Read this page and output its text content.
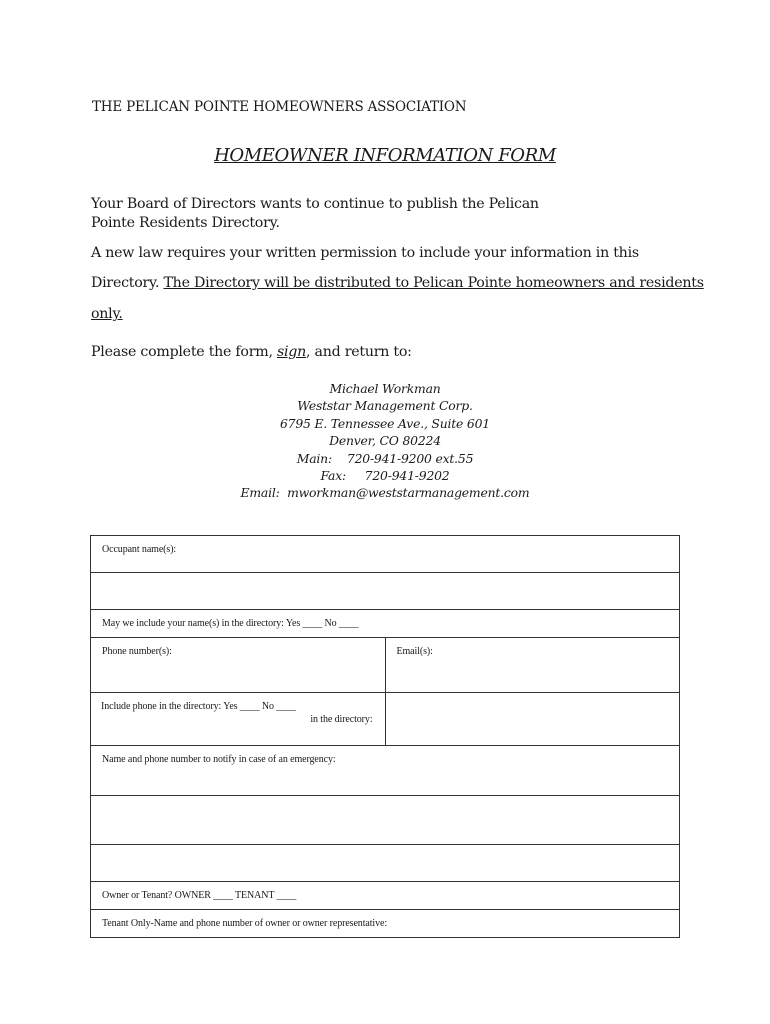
THE PELICAN POINTE HOMEOWNERS ASSOCIATION
HOMEOWNER INFORMATION FORM
Your Board of Directors wants to continue to publish the Pelican Pointe Residents Directory.
A new law requires your written permission to include your information in this
Directory. The Directory will be distributed to Pelican Pointe homeowners and residents
only.
Please complete the form, sign, and return to:
Michael Workman
Weststar Management Corp.
6795 E. Tennessee Ave., Suite 601
Denver, CO 80224
Main:    720-941-9200 ext.55
Fax:     720-941-9202
Email:  mworkman@weststarmanagement.com
Occupant name(s):	

May we include your name(s) in the directory: Yes ____ No ____	
Phone number(s):	Email(s):
Include phone in the directory: Yes ____ No ____
in the directory:	

Name and phone number to notify in case of an emergency:	

Owner or Tenant? OWNER ____ TENANT ____	
Tenant Only-Name and phone number of owner or owner representative:	
